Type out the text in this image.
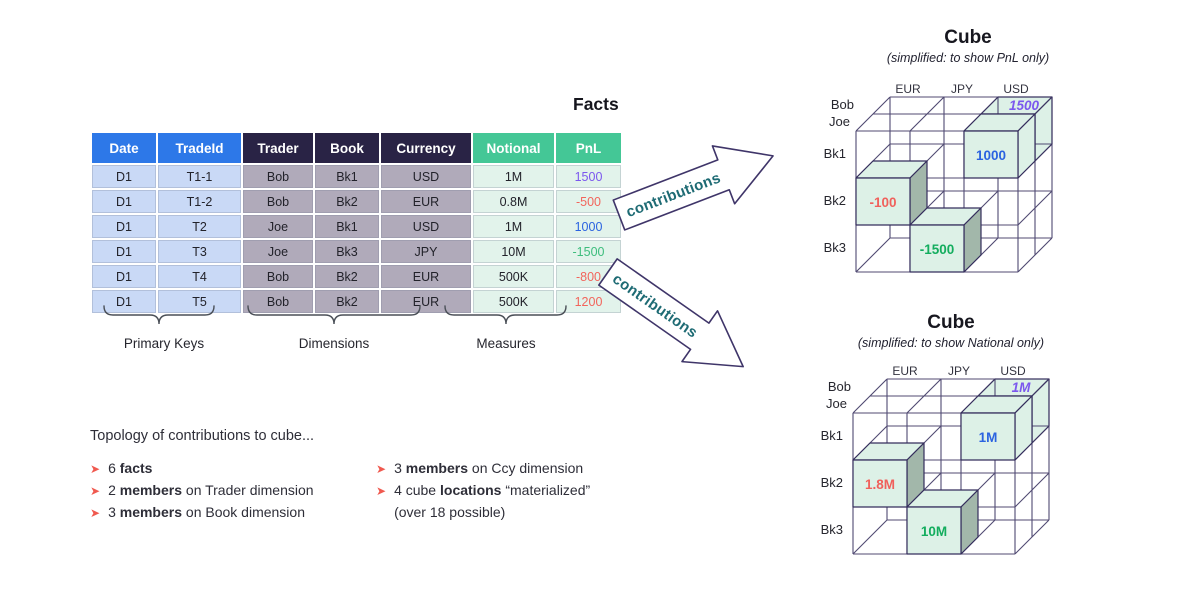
Facts
Date	TradeId	Trader	Book	Currency	Notional	PnL
D1	T1-1	Bob	Bk1	USD	1M	1500
D1	T1-2	Bob	Bk2	EUR	0.8M	-500
D1	T2	Joe	Bk1	USD	1M	1000
D1	T3	Joe	Bk3	JPY	10M	-1500
D1	T4	Bob	Bk2	EUR	500K	-800
D1	T5	Bob	Bk2	EUR	500K	1200
Primary Keys	Dimensions	Measures
contributions
contributions
Cube
(simplified: to show PnL only)
EUR	JPY	USD
Bob
Joe
Bk1
Bk2
Bk3
1500
1000
-100
-1500
Cube
(simplified: to show National only)
EUR	JPY	USD
Bob
Joe
Bk1
Bk2
Bk3
1M
1M
1.8M
10M
Topology of contributions to cube...
➤ 6 facts
➤ 2 members on Trader dimension
➤ 3 members on Book dimension
➤ 3 members on Ccy dimension
➤ 4 cube locations “materialized”
(over 18 possible)
